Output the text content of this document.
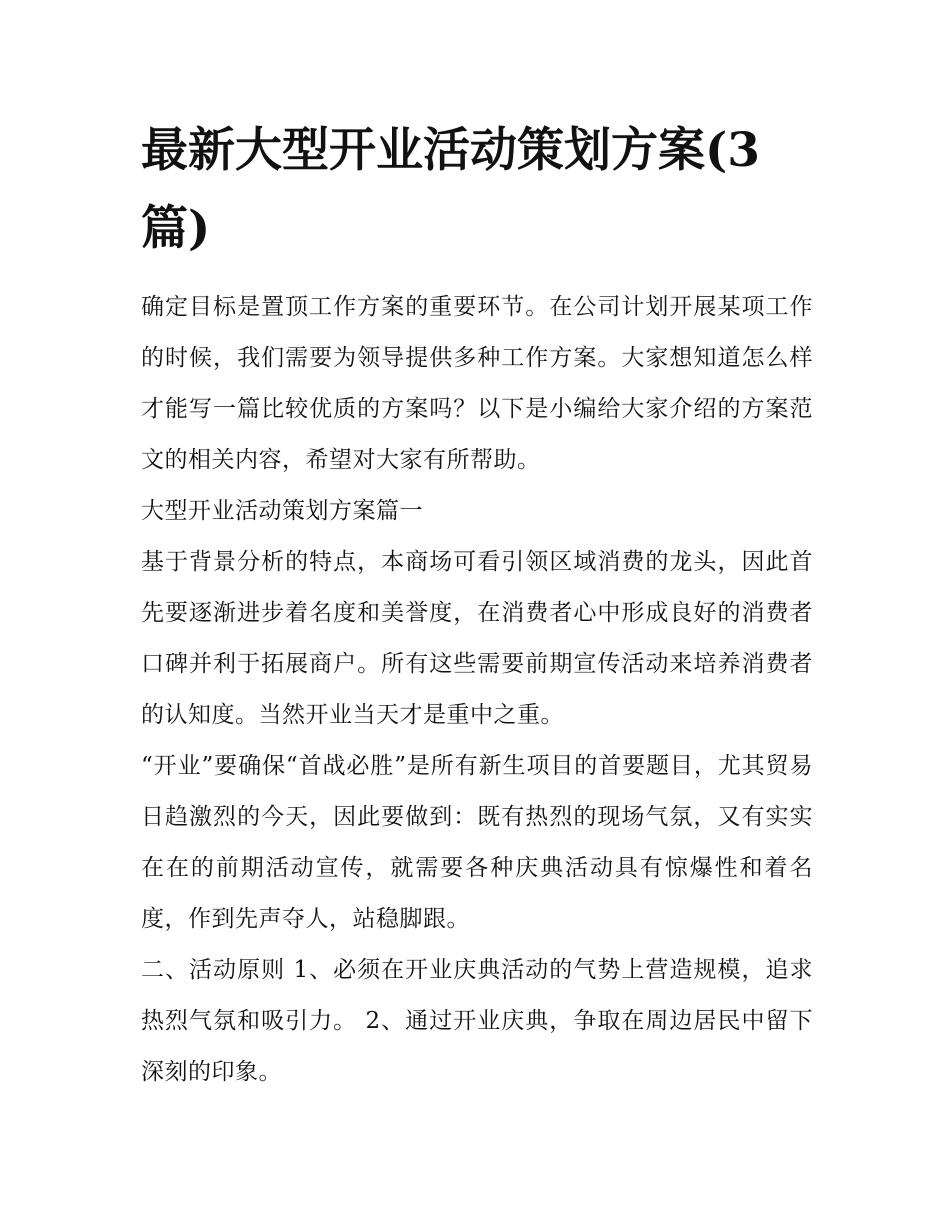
最新大型开业活动策划方案(3篇)

确定目标是置顶工作方案的重要环节。在公司计划开展某项工作的时候，我们需要为领导提供多种工作方案。大家想知道怎么样才能写一篇比较优质的方案吗？以下是小编给大家介绍的方案范文的相关内容，希望对大家有所帮助。

大型开业活动策划方案篇一

基于背景分析的特点，本商场可看引领区域消费的龙头，因此首先要逐渐进步着名度和美誉度，在消费者心中形成良好的消费者口碑并利于拓展商户。所有这些需要前期宣传活动来培养消费者的认知度。当然开业当天才是重中之重。

“开业”要确保“首战必胜”是所有新生项目的首要题目，尤其贸易日趋激烈的今天，因此要做到：既有热烈的现场气氛，又有实实在在的前期活动宣传，就需要各种庆典活动具有惊爆性和着名度，作到先声夺人，站稳脚跟。

二、活动原则 1、必须在开业庆典活动的气势上营造规模，追求热烈气氛和吸引力。 2、通过开业庆典，争取在周边居民中留下深刻的印象。
